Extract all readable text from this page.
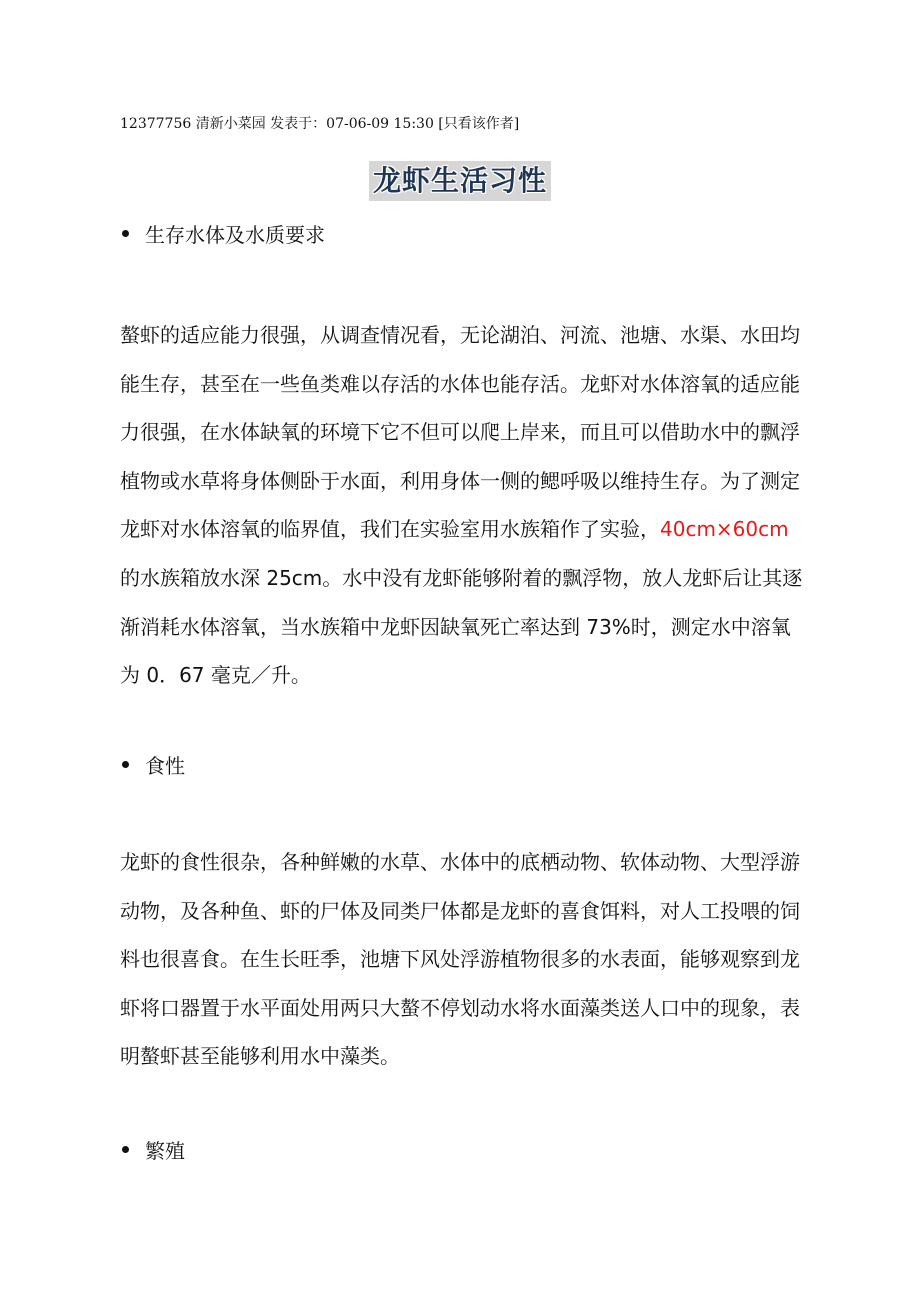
12377756 清新小菜园 发表于：07-06-09 15:30 [只看该作者]
龙虾生活习性
生存水体及水质要求

螯虾的适应能力很强，从调查情况看，无论湖泊、河流、池塘、水渠、水田均能生存，甚至在一些鱼类难以存活的水体也能存活。龙虾对水体溶氧的适应能力很强，在水体缺氧的环境下它不但可以爬上岸来，而且可以借助水中的飘浮植物或水草将身体侧卧于水面，利用身体一侧的鳃呼吸以维持生存。为了测定龙虾对水体溶氧的临界值，我们在实验室用水族箱作了实验，40cm×60cm 的水族箱放水深 25cm。水中没有龙虾能够附着的飘浮物，放人龙虾后让其逐渐消耗水体溶氧，当水族箱中龙虾因缺氧死亡率达到 73%时，测定水中溶氧为 0．67 毫克／升。

食性

龙虾的食性很杂，各种鲜嫩的水草、水体中的底栖动物、软体动物、大型浮游动物，及各种鱼、虾的尸体及同类尸体都是龙虾的喜食饵料，对人工投喂的饲料也很喜食。在生长旺季，池塘下风处浮游植物很多的水表面，能够观察到龙虾将口器置于水平面处用两只大螯不停划动水将水面藻类送人口中的现象，表明螯虾甚至能够利用水中藻类。

繁殖
